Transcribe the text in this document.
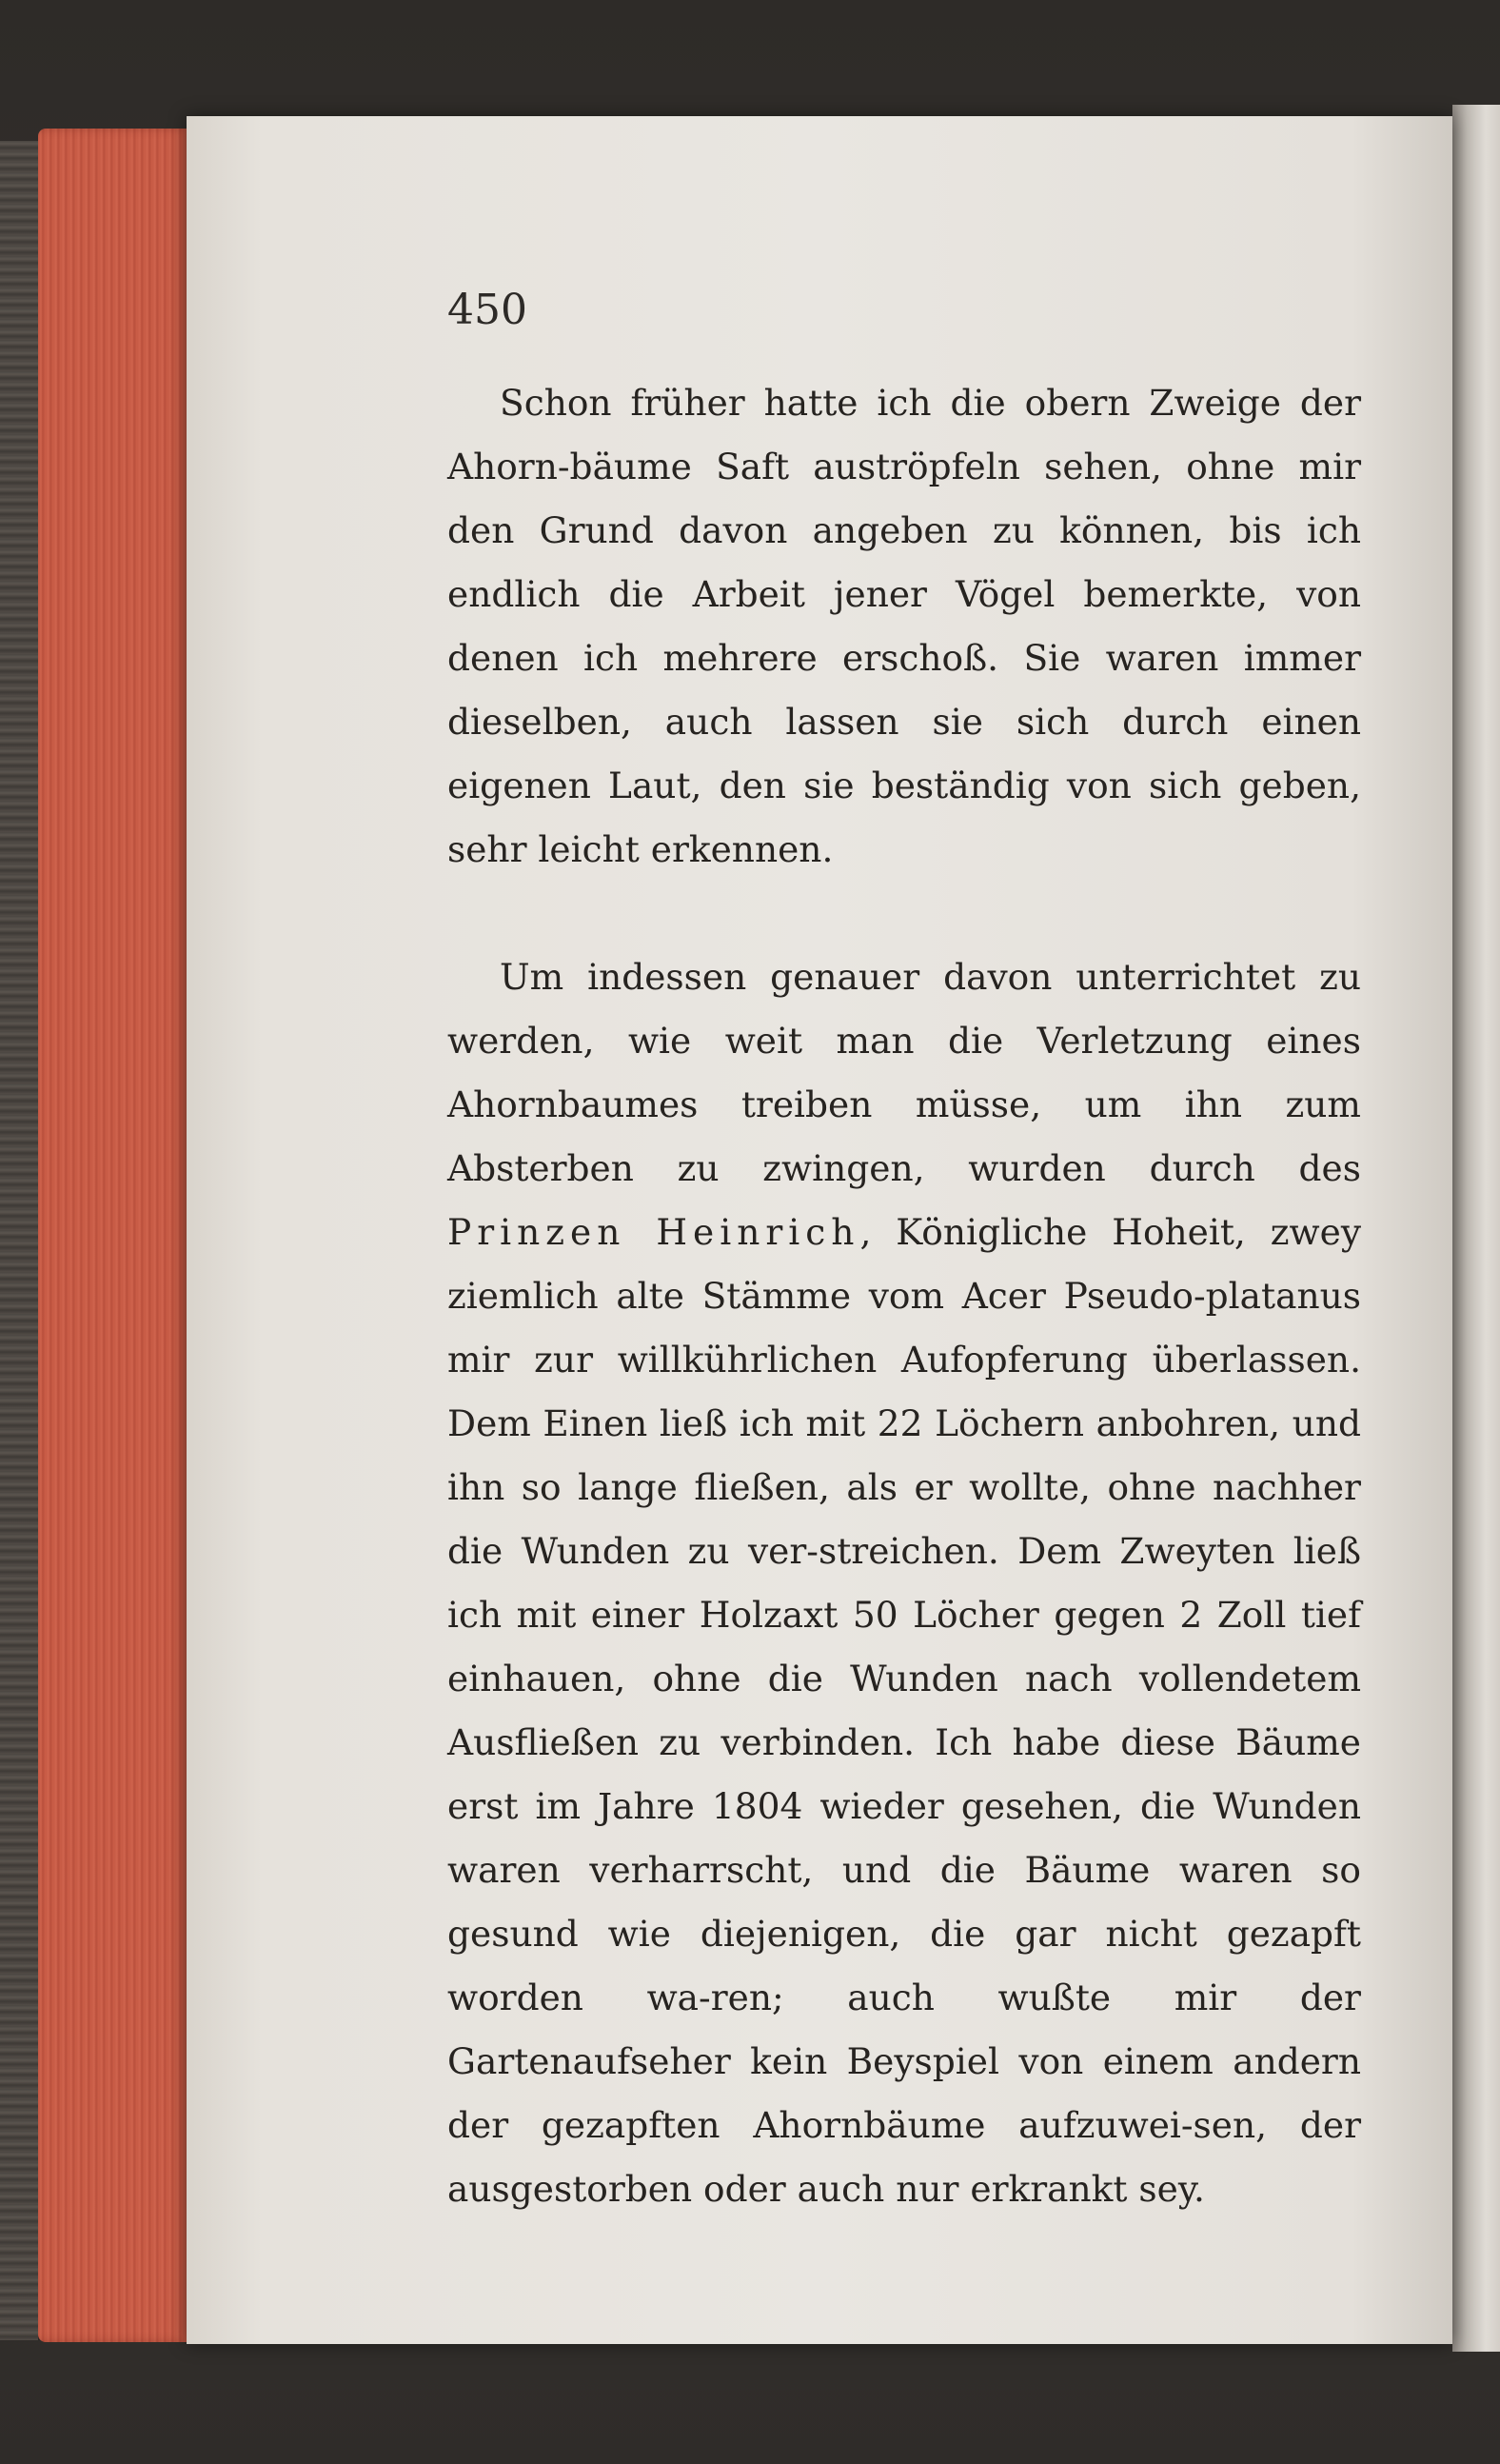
450

Schon früher hatte ich die obern Zweige der Ahorn-bäume Saft auströpfeln sehen, ohne mir den Grund davon angeben zu können, bis ich endlich die Arbeit jener Vögel bemerkte, von denen ich mehrere erschoß. Sie waren immer dieselben, auch lassen sie sich durch einen eigenen Laut, den sie beständig von sich geben, sehr leicht erkennen.

Um indessen genauer davon unterrichtet zu werden, wie weit man die Verletzung eines Ahornbaumes treiben müsse, um ihn zum Absterben zu zwingen, wurden durch des Prinzen Heinrich, Königliche Hoheit, zwey ziemlich alte Stämme vom Acer Pseudo-platanus mir zur willkührlichen Aufopferung überlassen. Dem Einen ließ ich mit 22 Löchern anbohren, und ihn so lange fließen, als er wollte, ohne nachher die Wunden zu ver-streichen. Dem Zweyten ließ ich mit einer Holzaxt 50 Löcher gegen 2 Zoll tief einhauen, ohne die Wunden nach vollendetem Ausfließen zu verbinden. Ich habe diese Bäume erst im Jahre 1804 wieder gesehen, die Wunden waren verharrscht, und die Bäume waren so gesund wie diejenigen, die gar nicht gezapft worden wa-ren; auch wußte mir der Gartenaufseher kein Beyspiel von einem andern der gezapften Ahornbäume aufzuwei-sen, der ausgestorben oder auch nur erkrankt sey.
